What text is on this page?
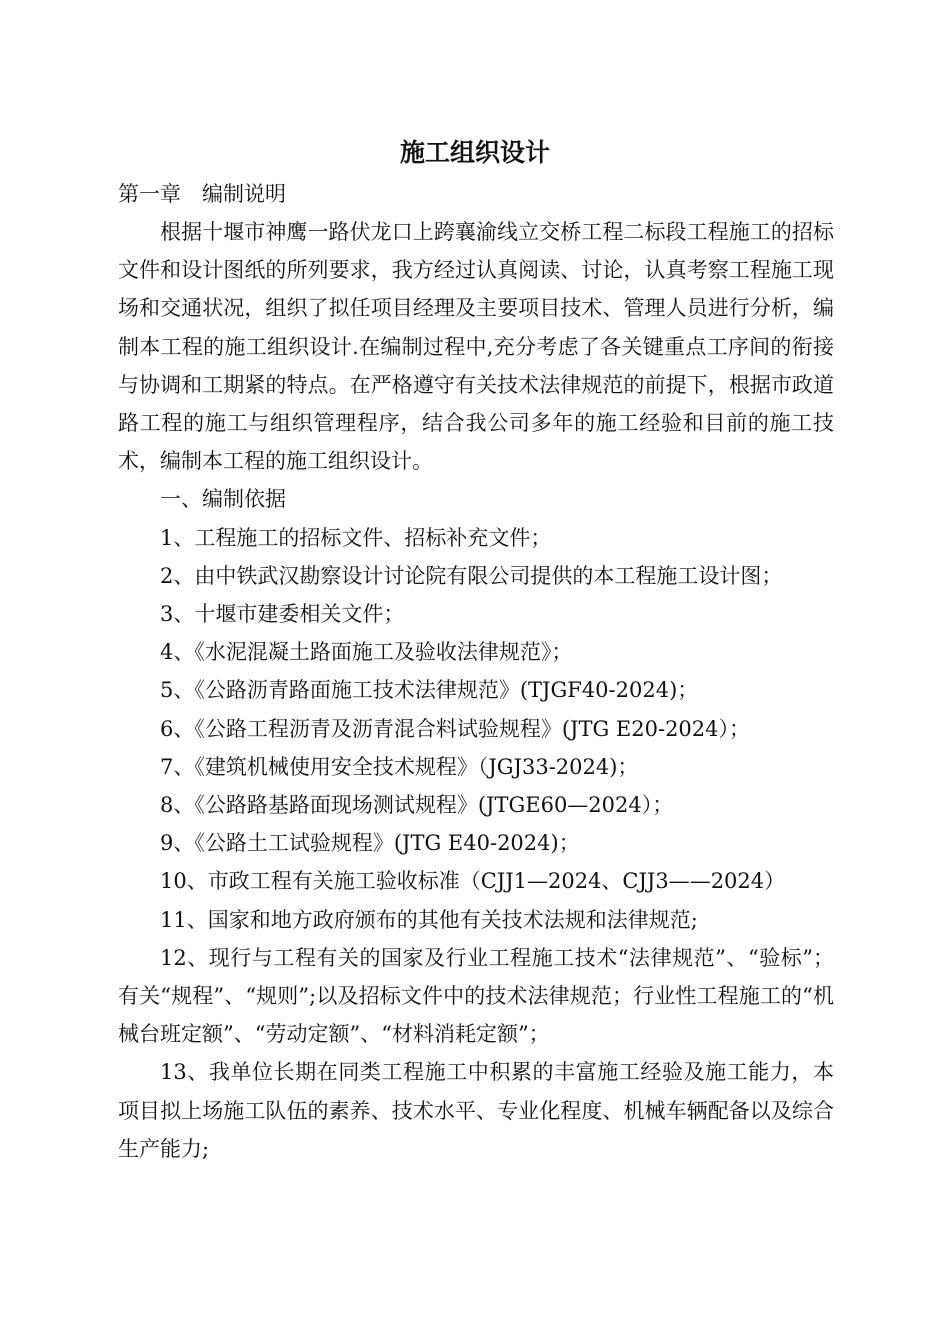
施工组织设计
第一章　编制说明

根据十堰市神鹰一路伏龙口上跨襄渝线立交桥工程二标段工程施工的招标文件和设计图纸的所列要求，我方经过认真阅读、讨论，认真考察工程施工现场和交通状况，组织了拟任项目经理及主要项目技术、管理人员进行分析，编制本工程的施工组织设计.在编制过程中,充分考虑了各关键重点工序间的衔接与协调和工期紧的特点。在严格遵守有关技术法律规范的前提下，根据市政道路工程的施工与组织管理程序，结合我公司多年的施工经验和目前的施工技术，编制本工程的施工组织设计。

一、编制依据

1、工程施工的招标文件、招标补充文件；

2、由中铁武汉勘察设计讨论院有限公司提供的本工程施工设计图；

3、十堰市建委相关文件；

4、《水泥混凝土路面施工及验收法律规范》；

5、《公路沥青路面施工技术法律规范》(TJGF40-2024)；

6、《公路工程沥青及沥青混合料试验规程》(JTG E20-2024）；

7、《建筑机械使用安全技术规程》（JGJ33-2024)；

8、《公路路基路面现场测试规程》(JTGE60—2024）；

9、《公路土工试验规程》(JTG E40-2024)；

10、市政工程有关施工验收标准（CJJ1—2024、CJJ3——2024）

11、国家和地方政府颁布的其他有关技术法规和法律规范;

12、现行与工程有关的国家及行业工程施工技术“法律规范”、“验标”；有关“规程”、“规则”;以及招标文件中的技术法律规范；行业性工程施工的“机械台班定额”、“劳动定额”、“材料消耗定额”；

13、我单位长期在同类工程施工中积累的丰富施工经验及施工能力，本项目拟上场施工队伍的素养、技术水平、专业化程度、机械车辆配备以及综合生产能力;
